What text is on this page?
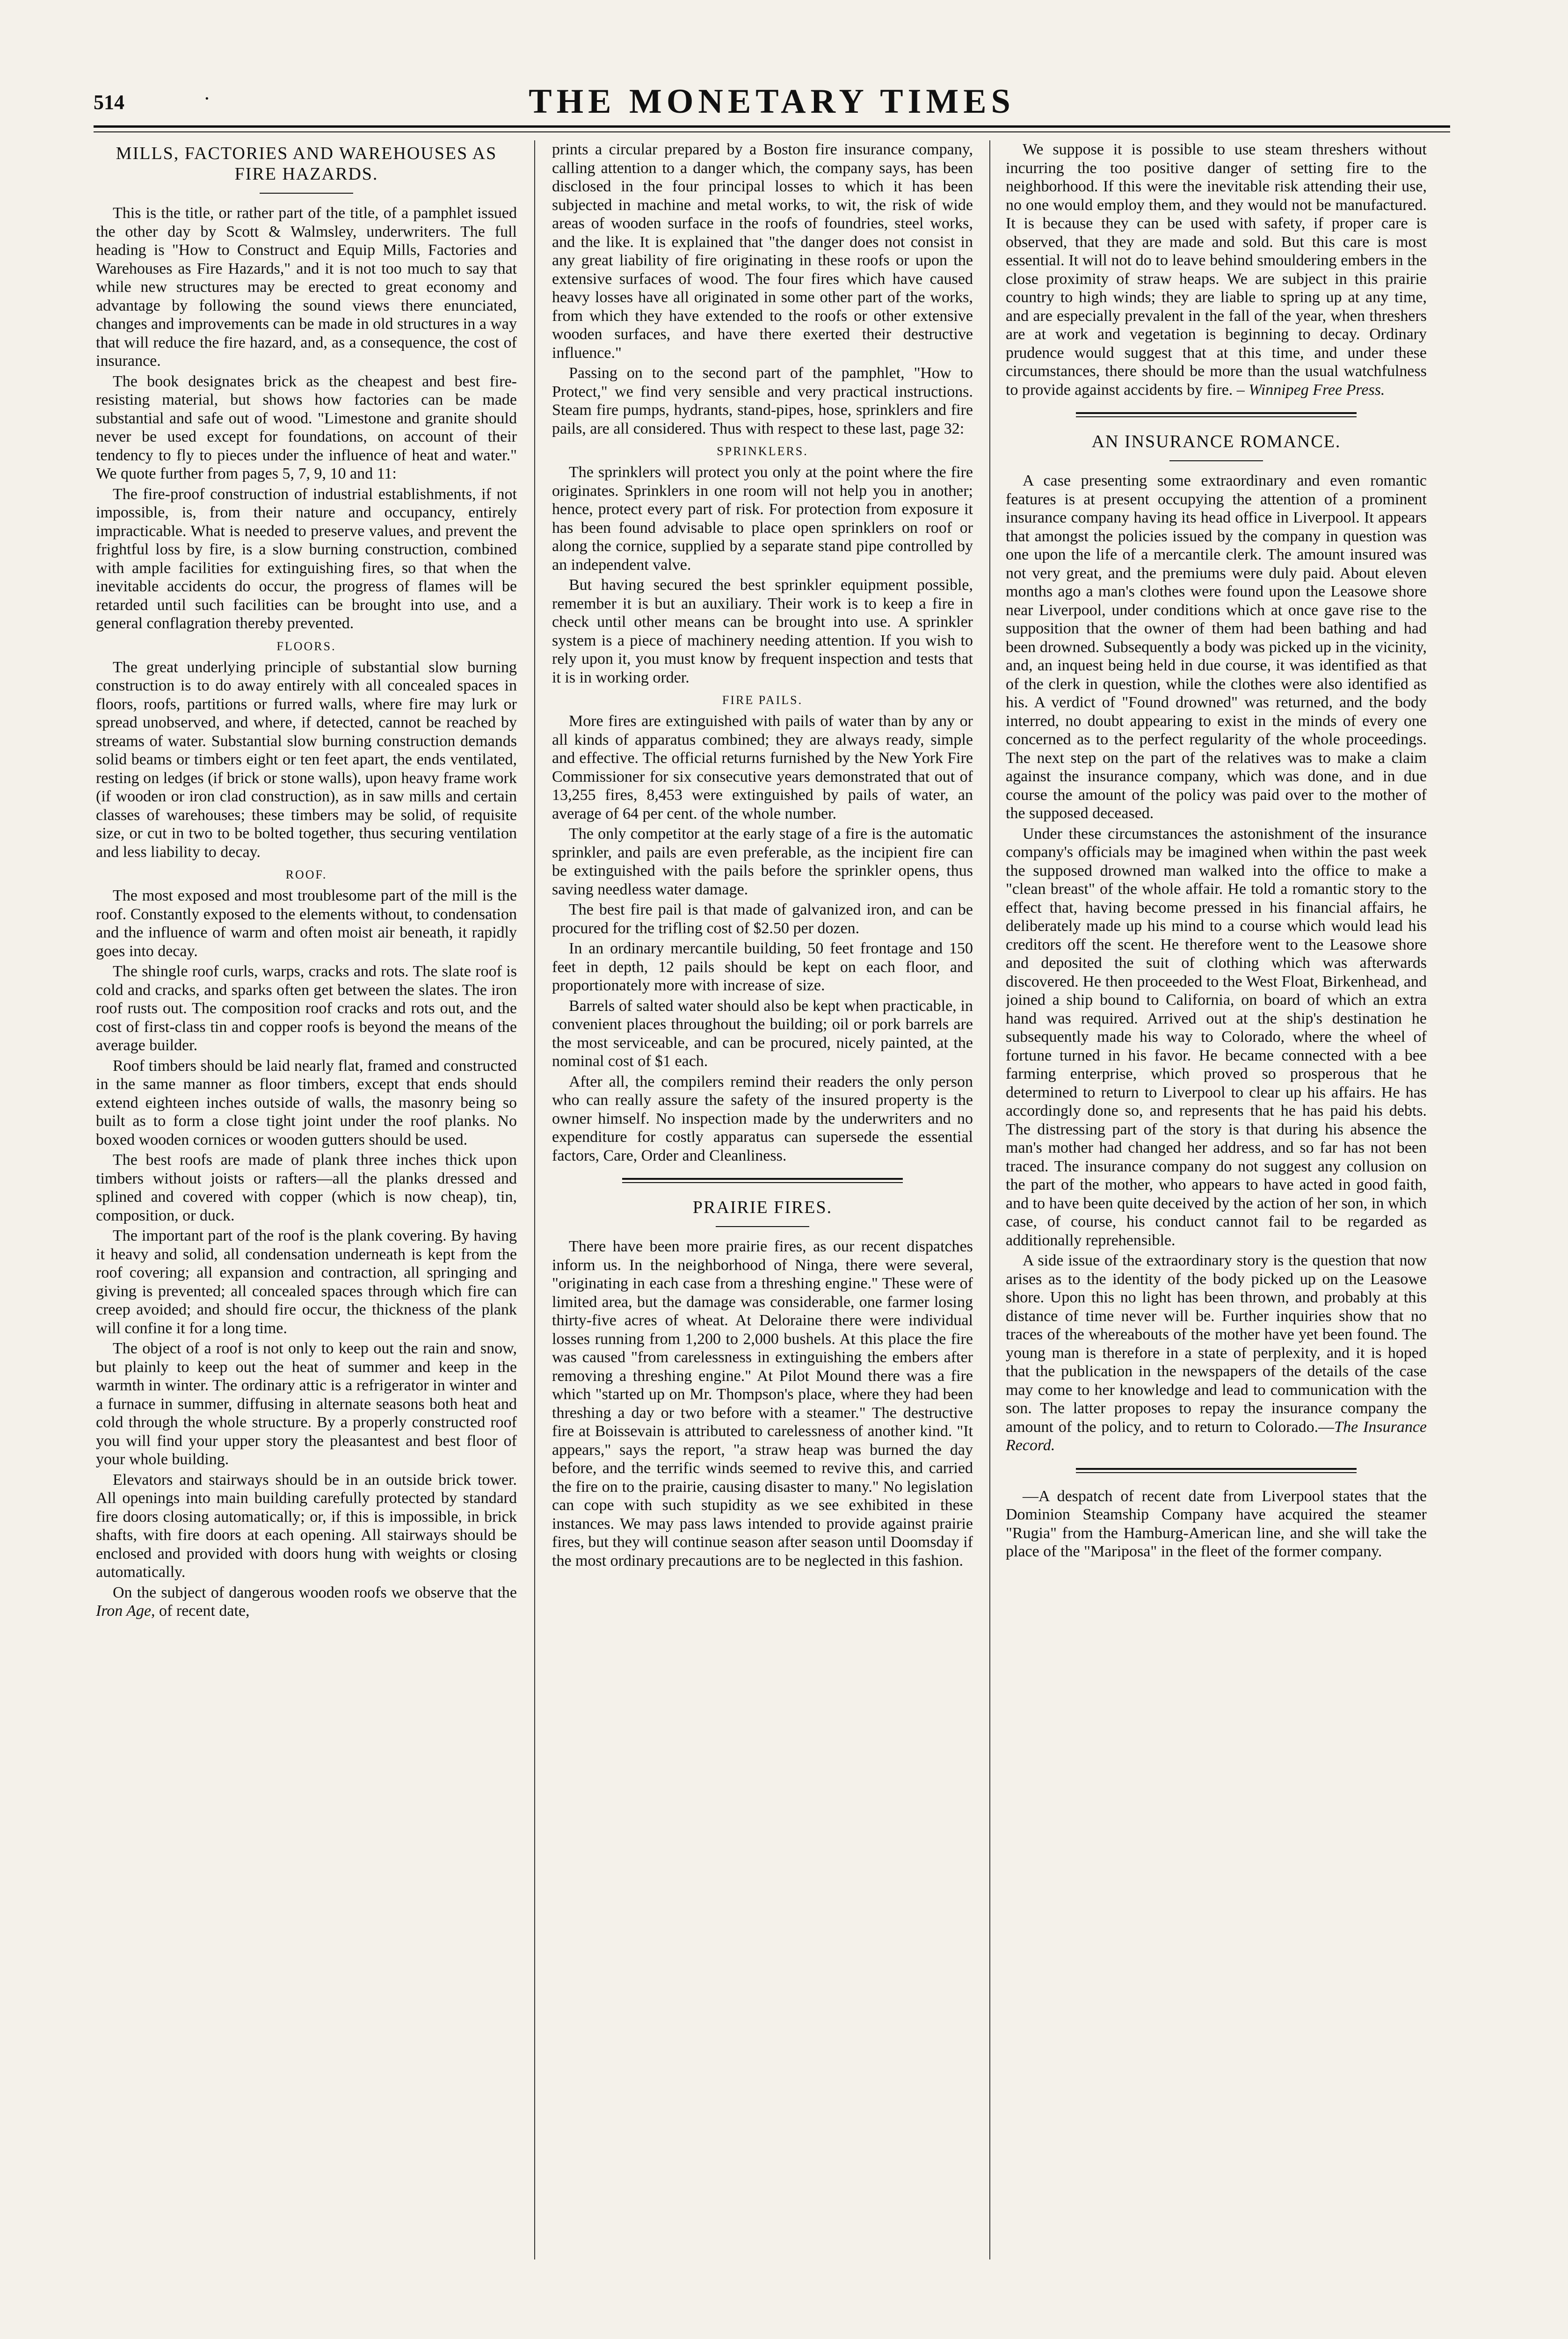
514	·	THE MONETARY TIMES
MILLS, FACTORIES AND WAREHOUSES AS FIRE HAZARDS.

This is the title, or rather part of the title, of a pamphlet issued the other day by Scott & Walmsley, underwriters. The full heading is "How to Construct and Equip Mills, Factories and Warehouses as Fire Hazards," and it is not too much to say that while new structures may be erected to great economy and advantage by following the sound views there enunciated, changes and improvements can be made in old structures in a way that will reduce the fire hazard, and, as a consequence, the cost of insurance.

The book designates brick as the cheapest and best fire-resisting material, but shows how factories can be made substantial and safe out of wood. "Limestone and granite should never be used except for foundations, on account of their tendency to fly to pieces under the influence of heat and water." We quote further from pages 5, 7, 9, 10 and 11:

The fire-proof construction of industrial establishments, if not impossible, is, from their nature and occupancy, entirely impracticable. What is needed to preserve values, and prevent the frightful loss by fire, is a slow burning construction, combined with ample facilities for extinguishing fires, so that when the inevitable accidents do occur, the progress of flames will be retarded until such facilities can be brought into use, and a general conflagration thereby prevented.

FLOORS.

The great underlying principle of substantial slow burning construction is to do away entirely with all concealed spaces in floors, roofs, partitions or furred walls, where fire may lurk or spread unobserved, and where, if detected, cannot be reached by streams of water. Substantial slow burning construction demands solid beams or timbers eight or ten feet apart, the ends ventilated, resting on ledges (if brick or stone walls), upon heavy frame work (if wooden or iron clad construction), as in saw mills and certain classes of warehouses; these timbers may be solid, of requisite size, or cut in two to be bolted together, thus securing ventilation and less liability to decay.

ROOF.

The most exposed and most troublesome part of the mill is the roof. Constantly exposed to the elements without, to condensation and the influence of warm and often moist air beneath, it rapidly goes into decay.

The shingle roof curls, warps, cracks and rots. The slate roof is cold and cracks, and sparks often get between the slates. The iron roof rusts out. The composition roof cracks and rots out, and the cost of first-class tin and copper roofs is beyond the means of the average builder.

Roof timbers should be laid nearly flat, framed and constructed in the same manner as floor timbers, except that ends should extend eighteen inches outside of walls, the masonry being so built as to form a close tight joint under the roof planks. No boxed wooden cornices or wooden gutters should be used.

The best roofs are made of plank three inches thick upon timbers without joists or rafters—all the planks dressed and splined and covered with copper (which is now cheap), tin, composition, or duck.

The important part of the roof is the plank covering. By having it heavy and solid, all condensation underneath is kept from the roof covering; all expansion and contraction, all springing and giving is prevented; all concealed spaces through which fire can creep avoided; and should fire occur, the thickness of the plank will confine it for a long time.

The object of a roof is not only to keep out the rain and snow, but plainly to keep out the heat of summer and keep in the warmth in winter. The ordinary attic is a refrigerator in winter and a furnace in summer, diffusing in alternate seasons both heat and cold through the whole structure. By a properly constructed roof you will find your upper story the pleasantest and best floor of your whole building.

Elevators and stairways should be in an outside brick tower. All openings into main building carefully protected by standard fire doors closing automatically; or, if this is impossible, in brick shafts, with fire doors at each opening. All stairways should be enclosed and provided with doors hung with weights or closing automatically.

On the subject of dangerous wooden roofs we observe that the Iron Age, of recent date,

prints a circular prepared by a Boston fire insurance company, calling attention to a danger which, the company says, has been disclosed in the four principal losses to which it has been subjected in machine and metal works, to wit, the risk of wide areas of wooden surface in the roofs of foundries, steel works, and the like. It is explained that "the danger does not consist in any great liability of fire originating in these roofs or upon the extensive surfaces of wood. The four fires which have caused heavy losses have all originated in some other part of the works, from which they have extended to the roofs or other extensive wooden surfaces, and have there exerted their destructive influence."

Passing on to the second part of the pamphlet, "How to Protect," we find very sensible and very practical instructions. Steam fire pumps, hydrants, stand-pipes, hose, sprinklers and fire pails, are all considered. Thus with respect to these last, page 32:

SPRINKLERS.

The sprinklers will protect you only at the point where the fire originates. Sprinklers in one room will not help you in another; hence, protect every part of risk. For protection from exposure it has been found advisable to place open sprinklers on roof or along the cornice, supplied by a separate stand pipe controlled by an independent valve.

But having secured the best sprinkler equipment possible, remember it is but an auxiliary. Their work is to keep a fire in check until other means can be brought into use. A sprinkler system is a piece of machinery needing attention. If you wish to rely upon it, you must know by frequent inspection and tests that it is in working order.

FIRE PAILS.

More fires are extinguished with pails of water than by any or all kinds of apparatus combined; they are always ready, simple and effective. The official returns furnished by the New York Fire Commissioner for six consecutive years demonstrated that out of 13,255 fires, 8,453 were extinguished by pails of water, an average of 64 per cent. of the whole number.

The only competitor at the early stage of a fire is the automatic sprinkler, and pails are even preferable, as the incipient fire can be extinguished with the pails before the sprinkler opens, thus saving needless water damage.

The best fire pail is that made of galvanized iron, and can be procured for the trifling cost of $2.50 per dozen.

In an ordinary mercantile building, 50 feet frontage and 150 feet in depth, 12 pails should be kept on each floor, and proportionately more with increase of size.

Barrels of salted water should also be kept when practicable, in convenient places throughout the building; oil or pork barrels are the most serviceable, and can be procured, nicely painted, at the nominal cost of $1 each.

After all, the compilers remind their readers the only person who can really assure the safety of the insured property is the owner himself. No inspection made by the underwriters and no expenditure for costly apparatus can supersede the essential factors, Care, Order and Cleanliness.

PRAIRIE FIRES.

There have been more prairie fires, as our recent dispatches inform us. In the neighborhood of Ninga, there were several, "originating in each case from a threshing engine." These were of limited area, but the damage was considerable, one farmer losing thirty-five acres of wheat. At Deloraine there were individual losses running from 1,200 to 2,000 bushels. At this place the fire was caused "from carelessness in extinguishing the embers after removing a threshing engine." At Pilot Mound there was a fire which "started up on Mr. Thompson's place, where they had been threshing a day or two before with a steamer." The destructive fire at Boissevain is attributed to carelessness of another kind. "It appears," says the report, "a straw heap was burned the day before, and the terrific winds seemed to revive this, and carried the fire on to the prairie, causing disaster to many." No legislation can cope with such stupidity as we see exhibited in these instances. We may pass laws intended to provide against prairie fires, but they will continue season after season until Doomsday if the most ordinary precautions are to be neglected in this fashion.

We suppose it is possible to use steam threshers without incurring the too positive danger of setting fire to the neighborhood. If this were the inevitable risk attending their use, no one would employ them, and they would not be manufactured. It is because they can be used with safety, if proper care is observed, that they are made and sold. But this care is most essential. It will not do to leave behind smouldering embers in the close proximity of straw heaps. We are subject in this prairie country to high winds; they are liable to spring up at any time, and are especially prevalent in the fall of the year, when threshers are at work and vegetation is beginning to decay. Ordinary prudence would suggest that at this time, and under these circumstances, there should be more than the usual watchfulness to provide against accidents by fire. – Winnipeg Free Press.

AN INSURANCE ROMANCE.

A case presenting some extraordinary and even romantic features is at present occupying the attention of a prominent insurance company having its head office in Liverpool. It appears that amongst the policies issued by the company in question was one upon the life of a mercantile clerk. The amount insured was not very great, and the premiums were duly paid. About eleven months ago a man's clothes were found upon the Leasowe shore near Liverpool, under conditions which at once gave rise to the supposition that the owner of them had been bathing and had been drowned. Subsequently a body was picked up in the vicinity, and, an inquest being held in due course, it was identified as that of the clerk in question, while the clothes were also identified as his. A verdict of "Found drowned" was returned, and the body interred, no doubt appearing to exist in the minds of every one concerned as to the perfect regularity of the whole proceedings. The next step on the part of the relatives was to make a claim against the insurance company, which was done, and in due course the amount of the policy was paid over to the mother of the supposed deceased.

Under these circumstances the astonishment of the insurance company's officials may be imagined when within the past week the supposed drowned man walked into the office to make a "clean breast" of the whole affair. He told a romantic story to the effect that, having become pressed in his financial affairs, he deliberately made up his mind to a course which would lead his creditors off the scent. He therefore went to the Leasowe shore and deposited the suit of clothing which was afterwards discovered. He then proceeded to the West Float, Birkenhead, and joined a ship bound to California, on board of which an extra hand was required. Arrived out at the ship's destination he subsequently made his way to Colorado, where the wheel of fortune turned in his favor. He became connected with a bee farming enterprise, which proved so prosperous that he determined to return to Liverpool to clear up his affairs. He has accordingly done so, and represents that he has paid his debts. The distressing part of the story is that during his absence the man's mother had changed her address, and so far has not been traced. The insurance company do not suggest any collusion on the part of the mother, who appears to have acted in good faith, and to have been quite deceived by the action of her son, in which case, of course, his conduct cannot fail to be regarded as additionally reprehensible.

A side issue of the extraordinary story is the question that now arises as to the identity of the body picked up on the Leasowe shore. Upon this no light has been thrown, and probably at this distance of time never will be. Further inquiries show that no traces of the whereabouts of the mother have yet been found. The young man is therefore in a state of perplexity, and it is hoped that the publication in the newspapers of the details of the case may come to her knowledge and lead to communication with the son. The latter proposes to repay the insurance company the amount of the policy, and to return to Colorado.—The Insurance Record.

—A despatch of recent date from Liverpool states that the Dominion Steamship Company have acquired the steamer "Rugia" from the Hamburg-American line, and she will take the place of the "Mariposa" in the fleet of the former company.
